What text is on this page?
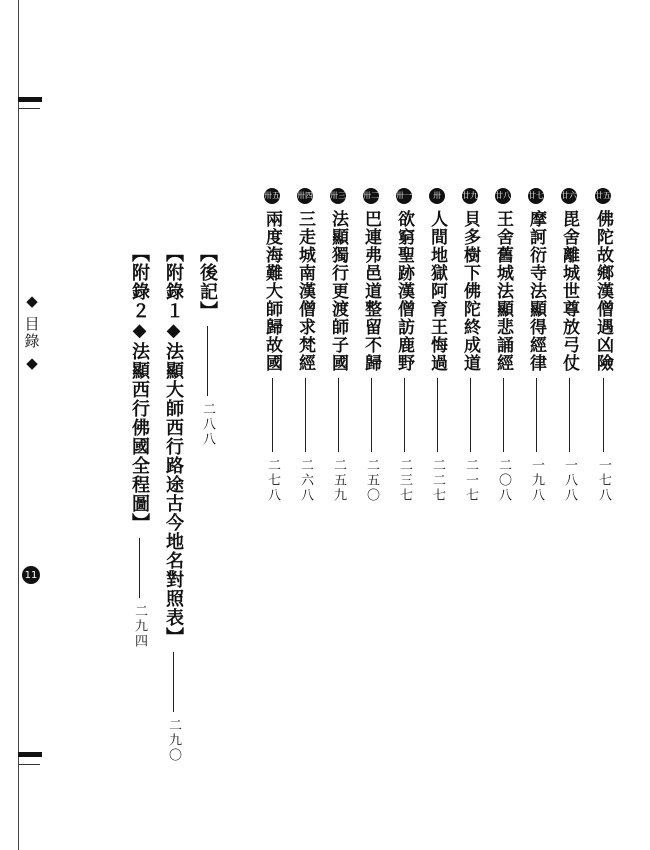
◆
目錄
◆
11
廿五佛陀故鄉漢僧遇凶險一七八
廿六毘舍離城世尊放弓仗一八八
廿七摩訶衍寺法顯得經律一九八
廿八王舍舊城法顯悲誦經二〇八
廿九貝多樹下佛陀終成道二一七
卅人間地獄阿育王悔過二二七
卅一欲窮聖跡漢僧訪鹿野二三七
卅二巴連弗邑道整留不歸二五〇
卅三法顯獨行更渡師子國二五九
卅四三走城南漢僧求梵經二六八
卅五兩度海難大師歸故國二七八
【後記】二八八
【附錄１◆法顯大師西行路途古今地名對照表】二九〇
【附錄２◆法顯西行佛國全程圖】二九四
